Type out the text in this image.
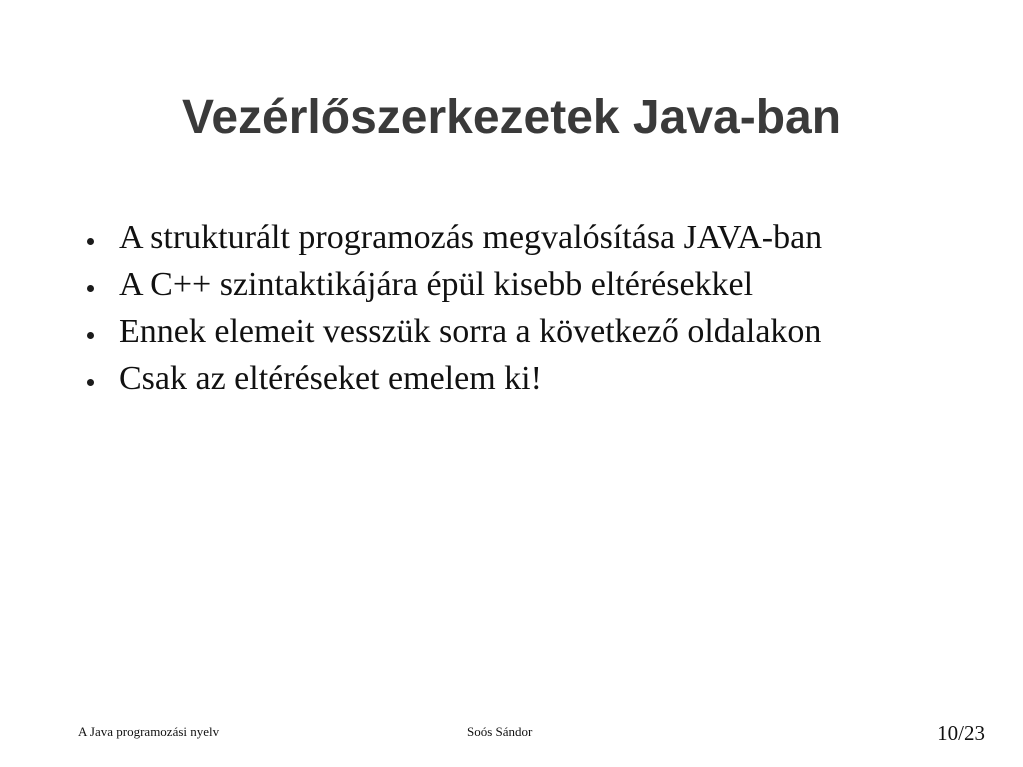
Vezérlőszerkezetek Java-ban
A strukturált programozás megvalósítása JAVA-ban
A C++ szintaktikájára épül kisebb eltérésekkel
Ennek elemeit vesszük sorra a következő oldalakon
Csak az eltéréseket emelem ki!
A Java programozási nyelv	Soós Sándor	10/23
